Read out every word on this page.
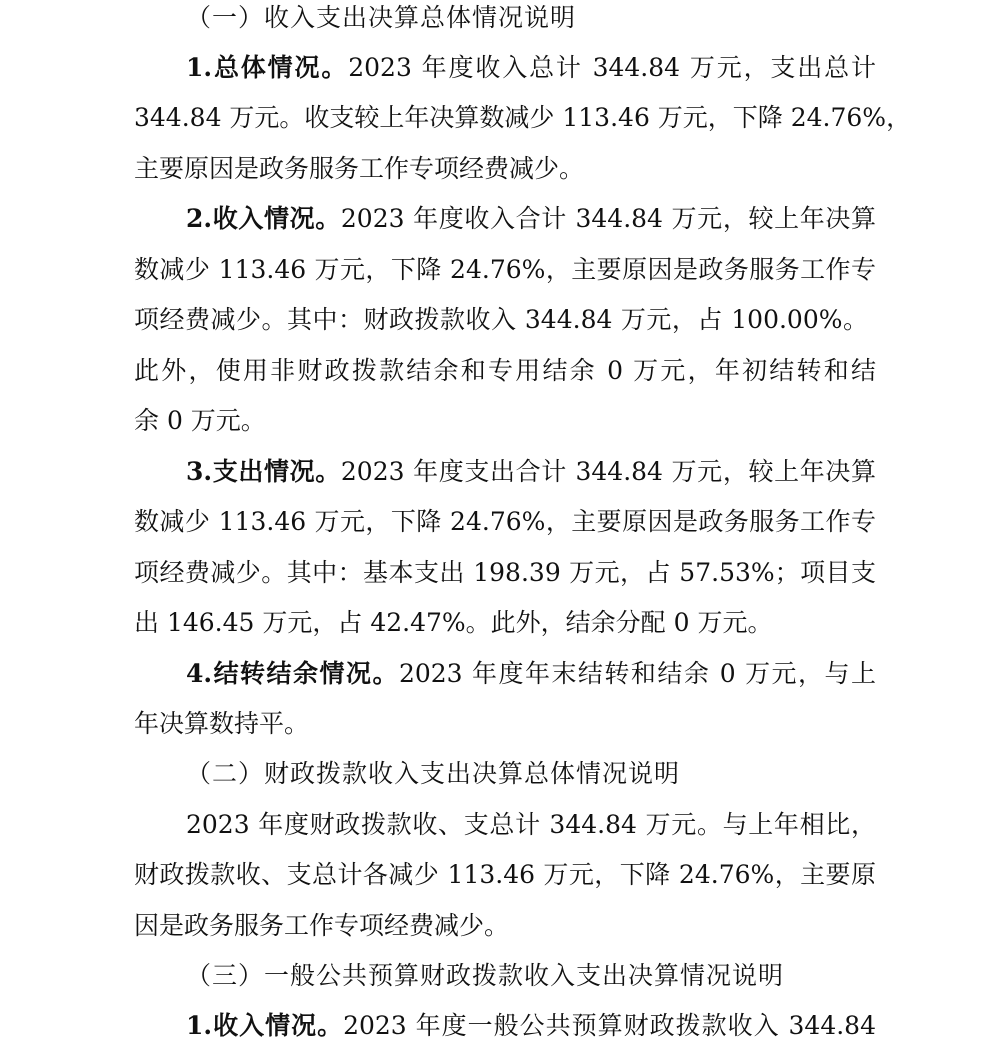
（一）收入支出决算总体情况说明
1.总体情况。2023 年度收入总计 344.84 万元，支出总计
344.84 万元。收支较上年决算数减少 113.46 万元，下降 24.76%，
主要原因是政务服务工作专项经费减少。
2.收入情况。2023 年度收入合计 344.84 万元，较上年决算
数减少 113.46 万元，下降 24.76%，主要原因是政务服务工作专
项经费减少。其中：财政拨款收入 344.84 万元，占 100.00%。
此外，使用非财政拨款结余和专用结余 0 万元，年初结转和结
余 0 万元。
3.支出情况。2023 年度支出合计 344.84 万元，较上年决算
数减少 113.46 万元，下降 24.76%，主要原因是政务服务工作专
项经费减少。其中：基本支出 198.39 万元，占 57.53%；项目支
出 146.45 万元，占 42.47%。此外，结余分配 0 万元。
4.结转结余情况。2023 年度年末结转和结余 0 万元，与上
年决算数持平。
（二）财政拨款收入支出决算总体情况说明
2023 年度财政拨款收、支总计 344.84 万元。与上年相比，
财政拨款收、支总计各减少 113.46 万元，下降 24.76%，主要原
因是政务服务工作专项经费减少。
（三）一般公共预算财政拨款收入支出决算情况说明
1.收入情况。2023 年度一般公共预算财政拨款收入 344.84
